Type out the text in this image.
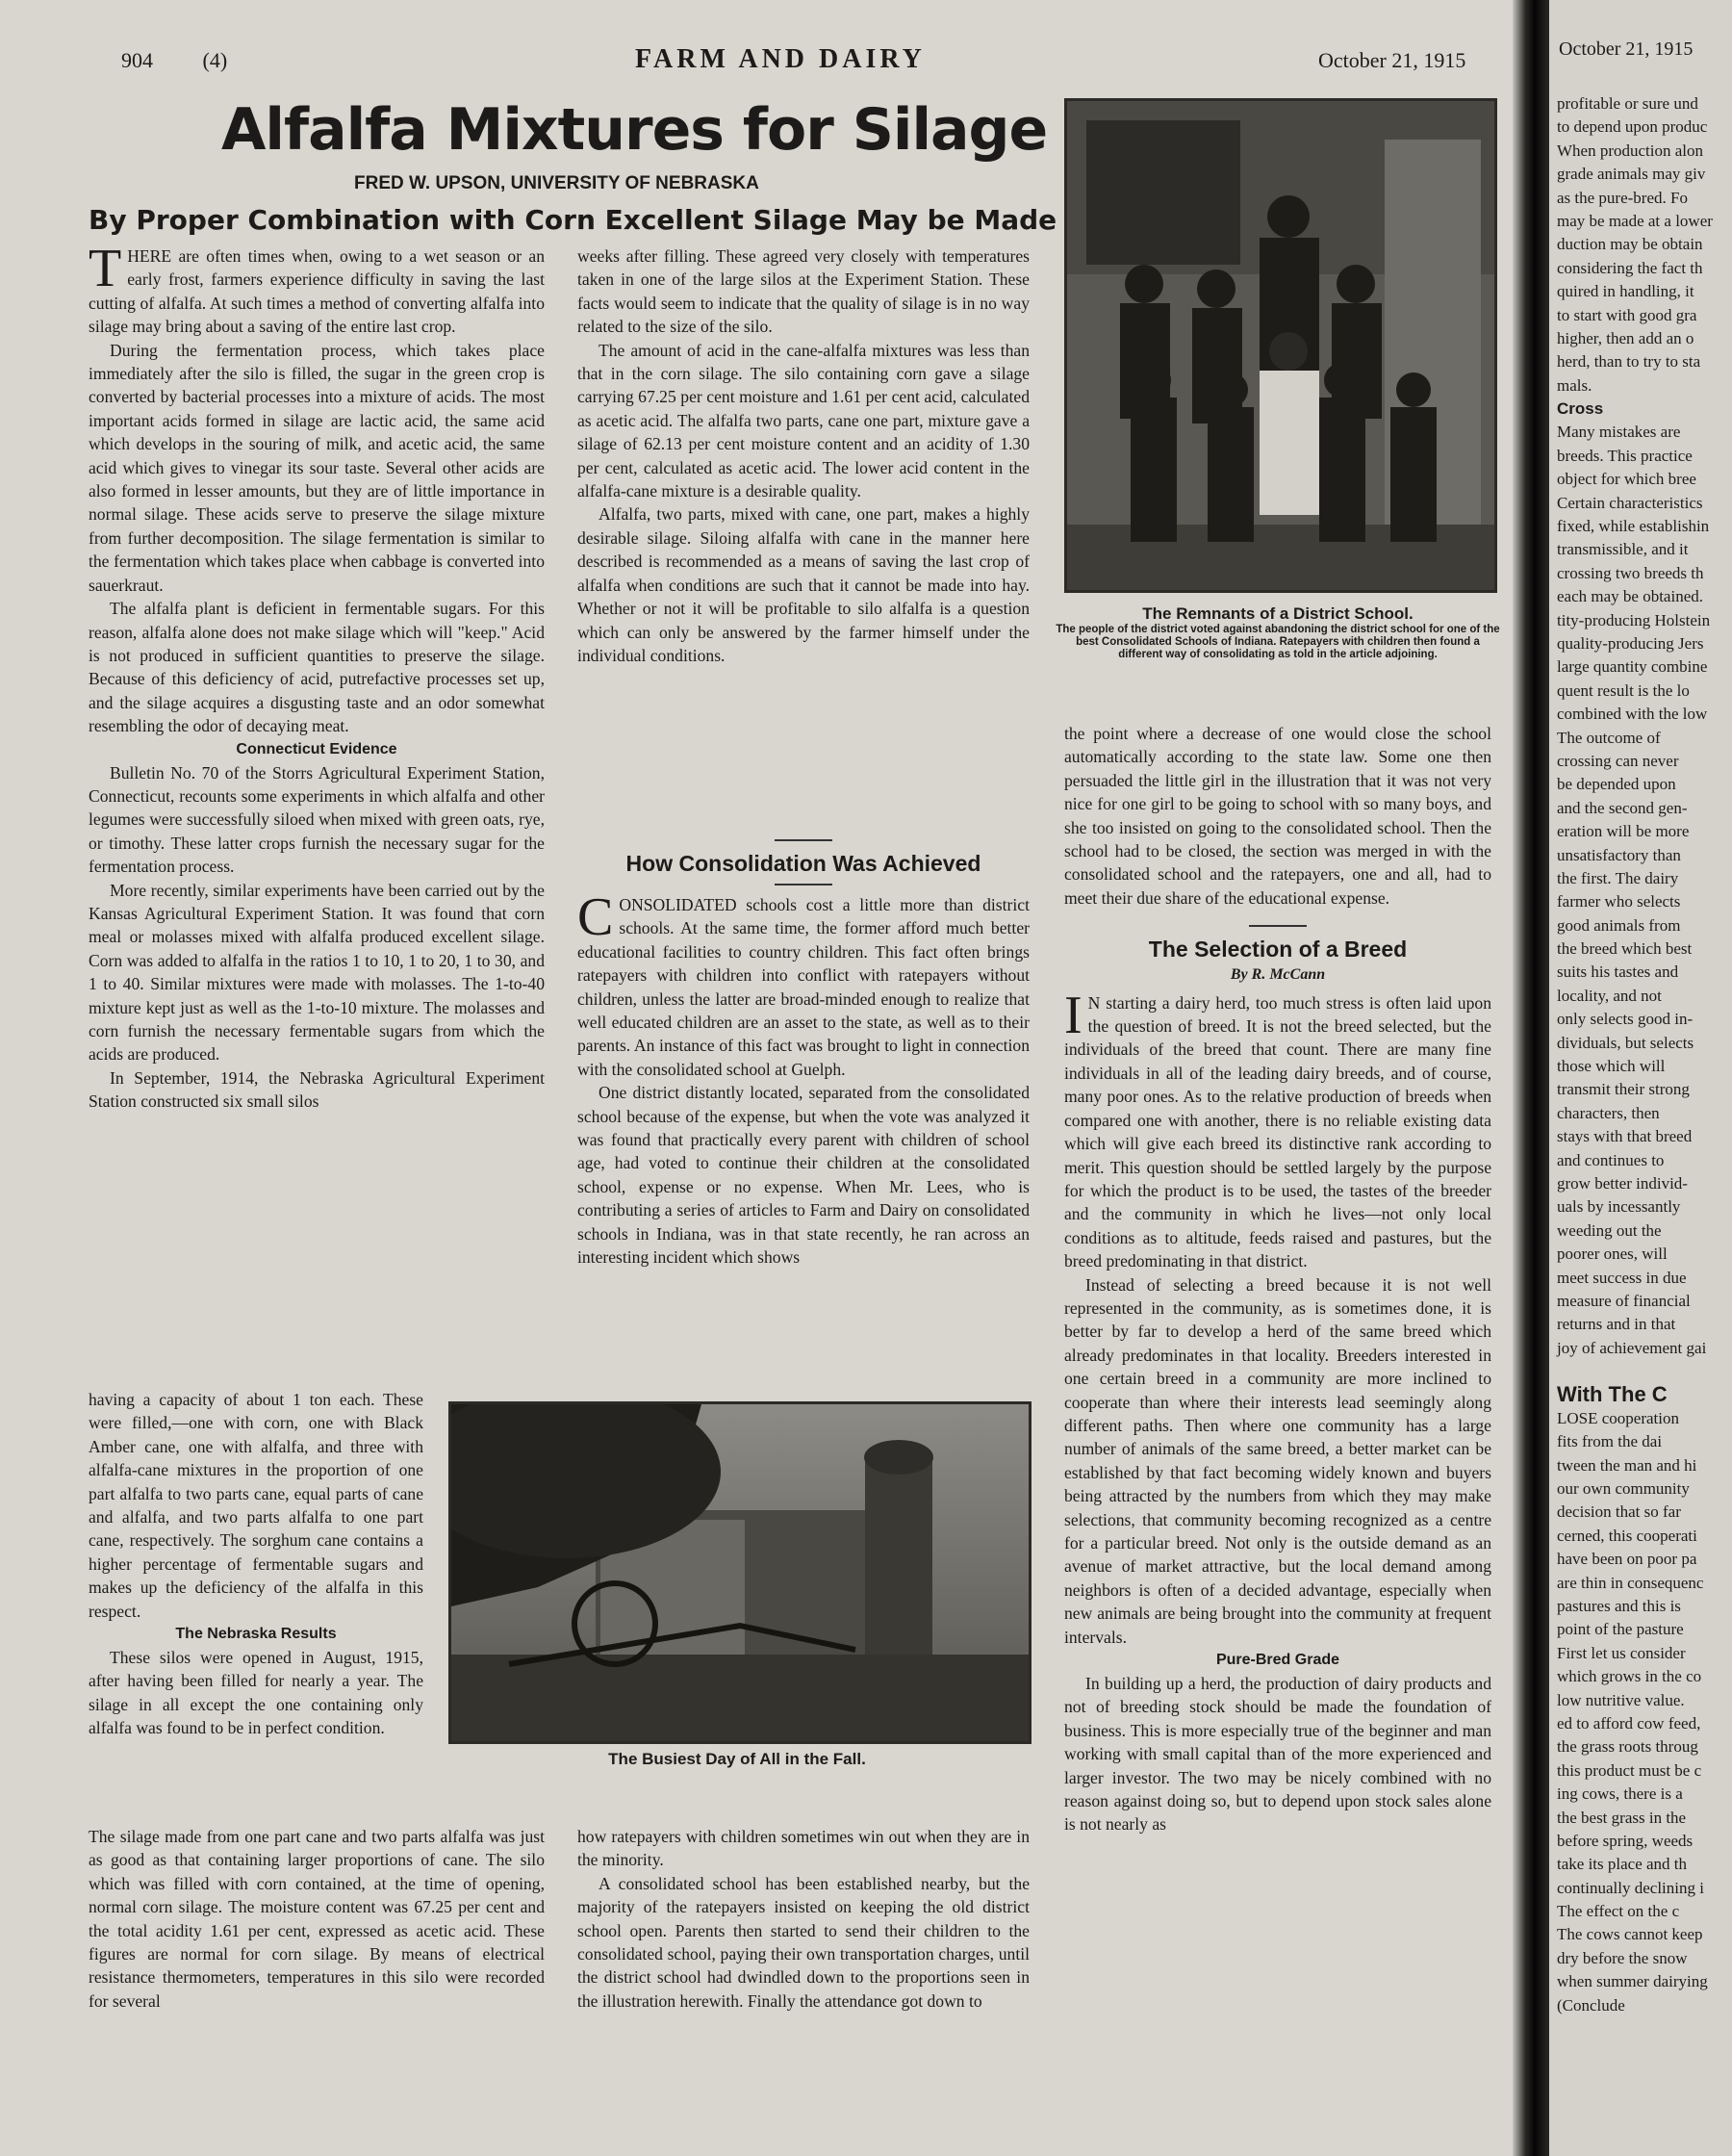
904 (4)	FARM AND DAIRY	October 21, 1915
Alfalfa Mixtures for Silage
FRED W. UPSON, UNIVERSITY OF NEBRASKA
By Proper Combination with Corn Excellent Silage May be Made

THERE are often times when, owing to a wet season or an early frost, farmers experience difficulty in saving the last cutting of alfalfa. At such times a method of converting alfalfa into silage may bring about a saving of the entire last crop.

During the fermentation process, which takes place immediately after the silo is filled, the sugar in the green crop is converted by bacterial processes into a mixture of acids. The most important acids formed in silage are lactic acid, the same acid which develops in the souring of milk, and acetic acid, the same acid which gives to vinegar its sour taste. Several other acids are also formed in lesser amounts, but they are of little importance in normal silage. These acids serve to preserve the silage mixture from further decomposition. The silage fermentation is similar to the fermentation which takes place when cabbage is converted into sauerkraut.

The alfalfa plant is deficient in fermentable sugars. For this reason, alfalfa alone does not make silage which will "keep." Acid is not produced in sufficient quantities to preserve the silage. Because of this deficiency of acid, putrefactive processes set up, and the silage acquires a disgusting taste and an odor somewhat resembling the odor of decaying meat.

Connecticut Evidence

Bulletin No. 70 of the Storrs Agricultural Experiment Station, Connecticut, recounts some experiments in which alfalfa and other legumes were successfully siloed when mixed with green oats, rye, or timothy. These latter crops furnish the necessary sugar for the fermentation process.

More recently, similar experiments have been carried out by the Kansas Agricultural Experiment Station. It was found that corn meal or molasses mixed with alfalfa produced excellent silage. Corn was added to alfalfa in the ratios 1 to 10, 1 to 20, 1 to 30, and 1 to 40. Similar mixtures were made with molasses. The 1-to-40 mixture kept just as well as the 1-to-10 mixture. The molasses and corn furnish the necessary fermentable sugars from which the acids are produced.

In September, 1914, the Nebraska Agricultural Experiment Station constructed six small silos

having a capacity of about 1 ton each. These were filled,—one with corn, one with Black Amber cane, one with alfalfa, and three with alfalfa-cane mixtures in the proportion of one part alfalfa to two parts cane, equal parts of cane and alfalfa, and two parts alfalfa to one part cane, respectively. The sorghum cane contains a higher percentage of fermentable sugars and makes up the deficiency of the alfalfa in this respect.

The Nebraska Results

These silos were opened in August, 1915, after having been filled for nearly a year. The silage in all except the one containing only alfalfa was found to be in perfect condition.

The silage made from one part cane and two parts alfalfa was just as good as that containing larger proportions of cane. The silo which was filled with corn contained, at the time of opening, normal corn silage. The moisture content was 67.25 per cent and the total acidity 1.61 per cent, expressed as acetic acid. These figures are normal for corn silage. By means of electrical resistance thermometers, temperatures in this silo were recorded for several

weeks after filling. These agreed very closely with temperatures taken in one of the large silos at the Experiment Station. These facts would seem to indicate that the quality of silage is in no way related to the size of the silo.

The amount of acid in the cane-alfalfa mixtures was less than that in the corn silage. The silo containing corn gave a silage carrying 67.25 per cent moisture and 1.61 per cent acid, calculated as acetic acid. The alfalfa two parts, cane one part, mixture gave a silage of 62.13 per cent moisture content and an acidity of 1.30 per cent, calculated as acetic acid. The lower acid content in the alfalfa-cane mixture is a desirable quality.

Alfalfa, two parts, mixed with cane, one part, makes a highly desirable silage. Siloing alfalfa with cane in the manner here described is recommended as a means of saving the last crop of alfalfa when conditions are such that it cannot be made into hay. Whether or not it will be profitable to silo alfalfa is a question which can only be answered by the farmer himself under the individual conditions.

How Consolidation Was Achieved

CONSOLIDATED schools cost a little more than district schools. At the same time, the former afford much better educational facilities to country children. This fact often brings ratepayers with children into conflict with ratepayers without children, unless the latter are broad-minded enough to realize that well educated children are an asset to the state, as well as to their parents. An instance of this fact was brought to light in connection with the consolidated school at Guelph.

One district distantly located, separated from the consolidated school because of the expense, but when the vote was analyzed it was found that practically every parent with children of school age, had voted to continue their children at the consolidated school, expense or no expense. When Mr. Lees, who is contributing a series of articles to Farm and Dairy on consolidated schools in Indiana, was in that state recently, he ran across an interesting incident which shows

how ratepayers with children sometimes win out when they are in the minority.

A consolidated school has been established nearby, but the majority of the ratepayers insisted on keeping the old district school open. Parents then started to send their children to the consolidated school, paying their own transportation charges, until the district school had dwindled down to the proportions seen in the illustration herewith. Finally the attendance got down to

The Busiest Day of All in the Fall.
The Remnants of a District School.
The people of the district voted against abandoning the district school for one of the best Consolidated Schools of Indiana. Ratepayers with children then found a different way of consolidating as told in the article adjoining.

the point where a decrease of one would close the school automatically according to the state law. Some one then persuaded the little girl in the illustration that it was not very nice for one girl to be going to school with so many boys, and she too insisted on going to the consolidated school. Then the school had to be closed, the section was merged in with the consolidated school and the ratepayers, one and all, had to meet their due share of the educational expense.

The Selection of a Breed
By R. McCann

I N starting a dairy herd, too much stress is often laid upon the question of breed. It is not the breed selected, but the individuals of the breed that count. There are many fine individuals in all of the leading dairy breeds, and of course, many poor ones. As to the relative production of breeds when compared one with another, there is no reliable existing data which will give each breed its distinctive rank according to merit. This question should be settled largely by the purpose for which the product is to be used, the tastes of the breeder and the community in which he lives—not only local conditions as to altitude, feeds raised and pastures, but the breed predominating in that district.

Instead of selecting a breed because it is not well represented in the community, as is sometimes done, it is better by far to develop a herd of the same breed which already predominates in that locality. Breeders interested in one certain breed in a community are more inclined to cooperate than where their interests lead seemingly along different paths. Then where one community has a large number of animals of the same breed, a better market can be established by that fact becoming widely known and buyers being attracted by the numbers from which they may make selections, that community becoming recognized as a centre for a particular breed. Not only is the outside demand as an avenue of market attractive, but the local demand among neighbors is often of a decided advantage, especially when new animals are being brought into the community at frequent intervals.

Pure-Bred Grade

In building up a herd, the production of dairy products and not of breeding stock should be made the foundation of business. This is more especially true of the beginner and man working with small capital than of the more experienced and larger investor. The two may be nicely combined with no reason against doing so, but to depend upon stock sales alone is not nearly as

October 21, 1915
profitable or sure und
to depend upon produc
When production alon
grade animals may giv
as the pure-bred. Fo
may be made at a lower
duction may be obtain
considering the fact th
quired in handling, it
to start with good gra
higher, then add an o
herd, than to try to sta
mals.
Cross
Many mistakes are
breeds. This practice
object for which bree
Certain characteristics
fixed, while establishin
transmissible, and it
crossing two breeds th
each may be obtained.
tity-producing Holstein
quality-producing Jers
large quantity combine
quent result is the lo
combined with the low
The outcome of
crossing can never
be depended upon
and the second gen-
eration will be more
unsatisfactory than
the first. The dairy
farmer who selects
good animals from
the breed which best
suits his tastes and
locality, and not
only selects good in-
dividuals, but selects
those which will
transmit their strong
characters, then
stays with that breed
and continues to
grow better individ-
uals by incessantly
weeding out the
poorer ones, will
meet success in due
measure of financial
returns and in that
joy of achievement gai
With The C
LOSE cooperation
fits from the dai
tween the man and hi
our own community
decision that so far
cerned, this cooperati
have been on poor pa
are thin in consequenc
pastures and this is
point of the pasture
First let us consider
which grows in the co
low nutritive value.
ed to afford cow feed,
the grass roots throug
this product must be c
ing cows, there is a
the best grass in the
before spring, weeds
take its place and th
continually declining i
The effect on the c
The cows cannot keep
dry before the snow
when summer dairying
(Conclude
